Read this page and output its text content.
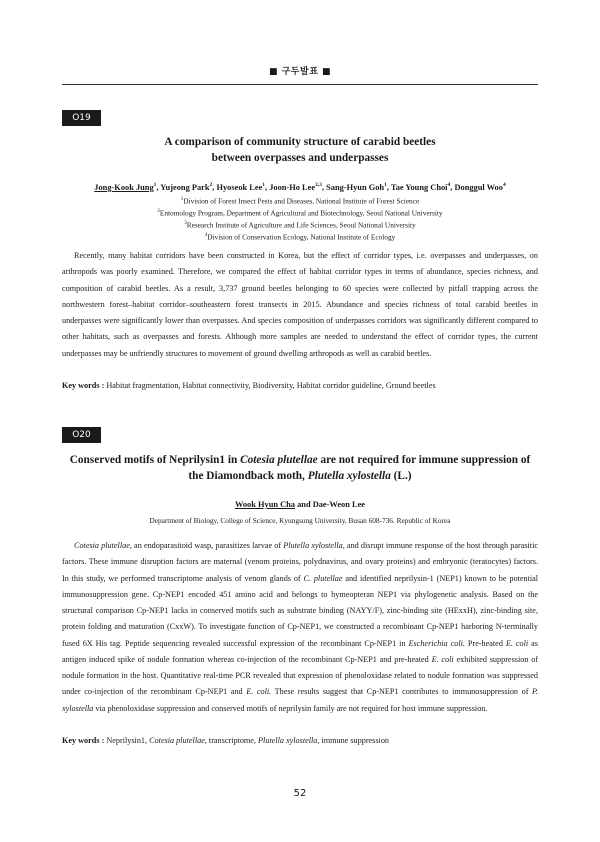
■ 구두발표 ■
O19
A comparison of community structure of carabid beetles
between overpasses and underpasses
Jong-Kook Jung$^1$, Yujeong Park$^2$, Hyoseok Lee$^1$, Joon-Ho Lee$^{2,3}$, Sang-Hyun Goh$^1$, Tae Young Choi$^4$, Donggul Woo$^4$
$^1$Division of Forest Insect Pests and Diseases, National Institute of Forest Science
$^2$Entomology Program, Department of Agricultural and Biotechnology, Seoul National University
$^3$Research Institute of Agriculture and Life Sciences, Seoul National University
$^4$Division of Conservation Ecology, National Institute of Ecology

Recently, many habitat corridors have been constructed in Korea, but the effect of corridor types, i.e. overpasses and underpasses, on arthropods was poorly examined. Therefore, we compared the effect of habitat corridor types in terms of abundance, species richness, and composition of carabid beetles. As a result, 3,737 ground beetles belonging to 60 species were collected by pitfall trapping across the northwestern forest–habitat corridor–southeastern forest transects in 2015. Abundance and species richness of total carabid beetles in underpasses were significantly lower than overpasses. And species composition of underpasses corridors was significantly different compared to other habitats, such as overpasses and forests. Although more samples are needed to understand the effect of corridor types, the current underpasses may be unfriendly structures to movement of ground dwelling arthropods as well as carabid beetles.

Key words : Habitat fragmentation, Habitat connectivity, Biodiversity, Habitat corridor guideline, Ground beetles
O20
Conserved motifs of Neprilysin1 in Cotesia plutellae are not required for immune suppression of the Diamondback moth, Plutella xylostella (L.)
Wook Hyun Cha and Dae-Weon Lee
Department of Biology, College of Science, Kyungsung University, Busan 608-736. Republic of Korea

Cotesia plutellae, an endoparasitoid wasp, parasitizes larvae of Plutella xylostella, and disrupt immune response of the host through parasitic factors. These immune disruption factors are maternal (venom proteins, polydnavirus, and ovary proteins) and embryonic (teratocytes) factors. In this study, we performed transcriptome analysis of venom glands of C. plutellae and identified neprilysin-1 (NEP1) known to be potential immunosuppression gene. Cp-NEP1 encoded 451 amino acid and belongs to hymeopteran NEP1 via phylogenetic analysis. Based on the structural comparison Cp-NEP1 lacks in conserved motifs such as substrate binding (NAYY/F), zinc-binding site (HExxH), zinc-binding site, protein folding and maturation (CxxW). To investigate function of Cp-NEP1, we constructed a recombinant Cp-NEP1 harboring N-terminally fused 6X His tag. Peptide sequencing revealed successful expression of the recombinant Cp-NEP1 in Escherichia coli. Pre-heated E. coli as antigen induced spike of nodule formation whereas co-injection of the recombinant Cp-NEP1 and pre-heated E. coli exhibited suppression of nodule formation in the host. Quantitative real-time PCR revealed that expression of phenoloxidase related to nodule formation was suppressed under co-injection of the recombinant Cp-NEP1 and E. coli. These results suggest that Cp-NEP1 contributes to immunosuppression of P. xylostella via phenoloxidase suppression and conserved motifs of neprilysin family are not required for host immune suppression.

Key words : Neprilysin1, Cotesia plutellae, transcriptome, Plutella xylostella, immune suppression
52
